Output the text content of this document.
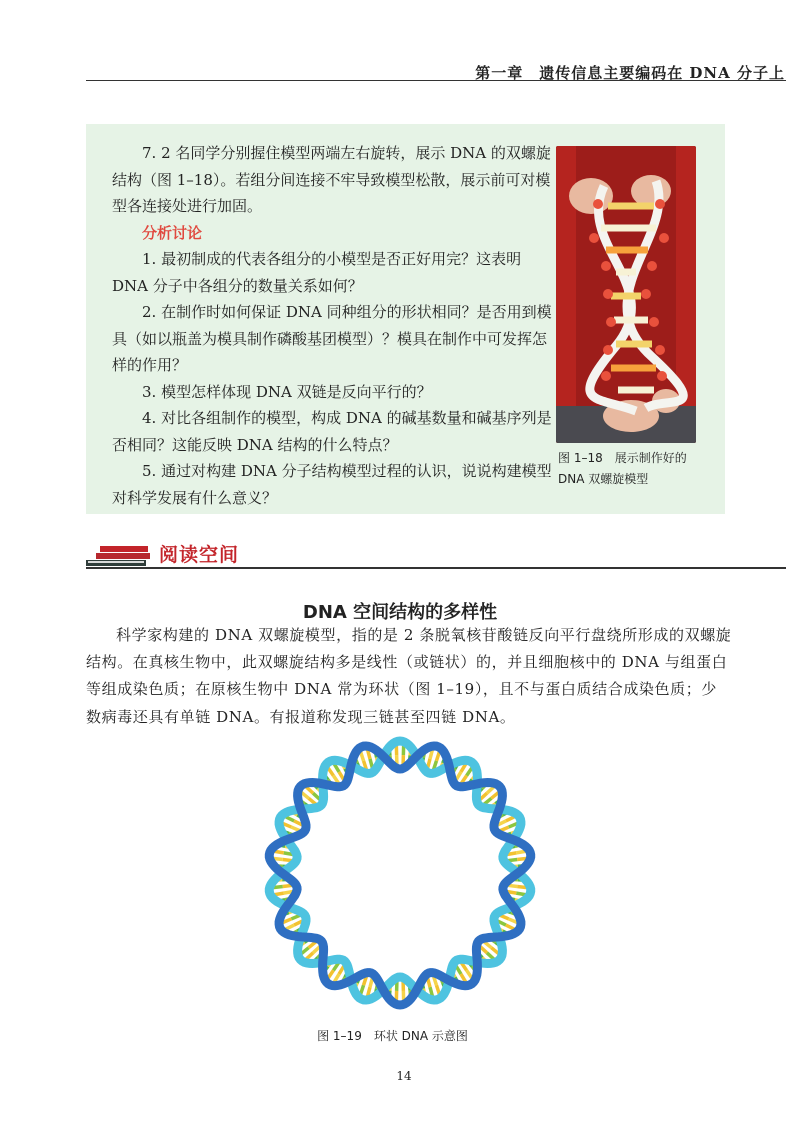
第一章　遗传信息主要编码在 DNA 分子上

7. 2 名同学分别握住模型两端左右旋转，展示 DNA 的双螺旋结构（图 1–18）。若组分间连接不牢导致模型松散，展示前可对模型各连接处进行加固。

分析讨论

1. 最初制成的代表各组分的小模型是否正好用完？这表明 DNA 分子中各组分的数量关系如何？

2. 在制作时如何保证 DNA 同种组分的形状相同？是否用到模具（如以瓶盖为模具制作磷酸基团模型）？模具在制作中可发挥怎样的作用？

3. 模型怎样体现 DNA 双链是反向平行的？

4. 对比各组制作的模型，构成 DNA 的碱基数量和碱基序列是否相同？这能反映 DNA 结构的什么特点？

5. 通过对构建 DNA 分子结构模型过程的认识，说说构建模型对科学发展有什么意义？

图 1–18　展示制作好的
DNA 双螺旋模型
阅读空间
DNA 空间结构的多样性

科学家构建的 DNA 双螺旋模型，指的是 2 条脱氧核苷酸链反向平行盘绕所形成的双螺旋结构。在真核生物中，此双螺旋结构多是线性（或链状）的，并且细胞核中的 DNA 与组蛋白等组成染色质；在原核生物中 DNA 常为环状（图 1–19），且不与蛋白质结合成染色质；少数病毒还具有单链 DNA。有报道称发现三链甚至四链 DNA。

图 1–19　环状 DNA 示意图
14
